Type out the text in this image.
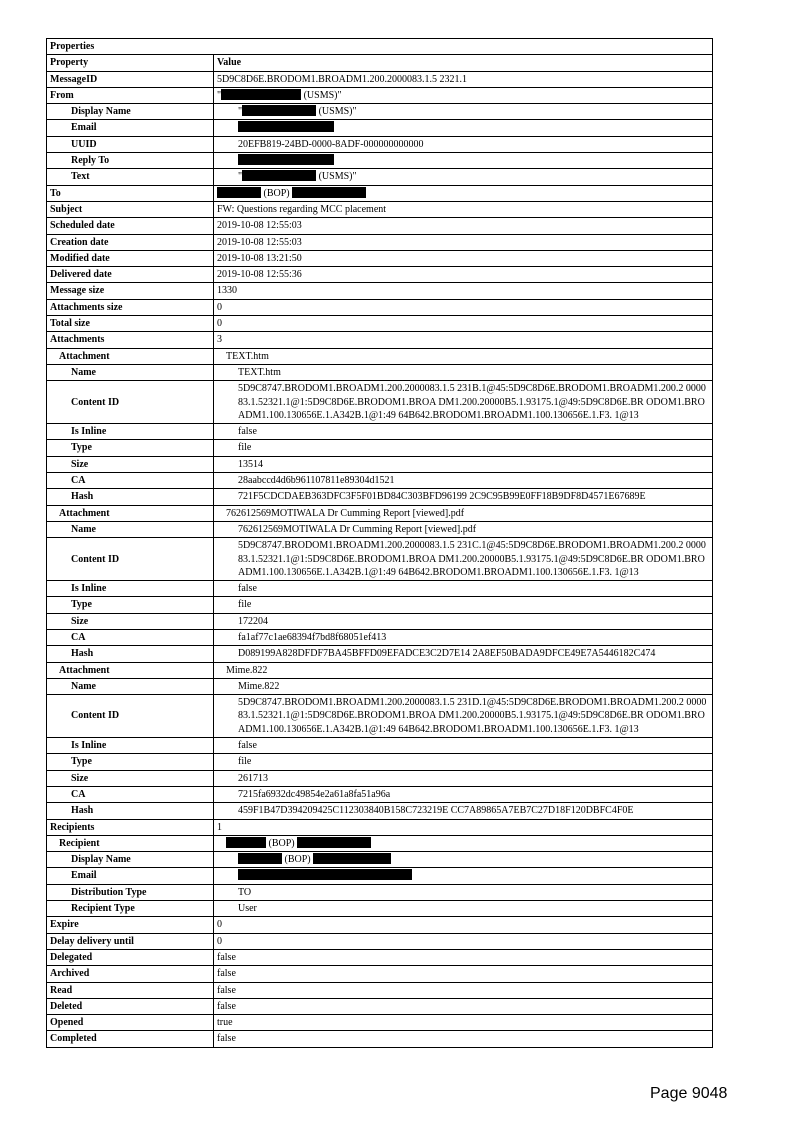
Properties	
Property	Value
MessageID	5D9C8D6E.BRODOM1.BROADM1.200.2000083.1.5 2321.1
From	" (USMS)"
Display Name	" (USMS)"
Email	
UUID	20EFB819-24BD-0000-8ADF-000000000000
Reply To	
Text	" (USMS)"
To	(BOP)
Subject	FW: Questions regarding MCC placement
Scheduled date	2019-10-08 12:55:03
Creation date	2019-10-08 12:55:03
Modified date	2019-10-08 13:21:50
Delivered date	2019-10-08 12:55:36
Message size	1330
Attachments size	0
Total size	0
Attachments	3
Attachment	TEXT.htm
Name	TEXT.htm
Content ID	5D9C8747.BRODOM1.BROADM1.200.2000083.1.5 231B.1@45:5D9C8D6E.BRODOM1.BROADM1.200.2 000083.1.52321.1@1:5D9C8D6E.BRODOM1.BROA DM1.200.20000B5.1.93175.1@49:5D9C8D6E.BR ODOM1.BROADM1.100.130656E.1.A342B.1@1:49 64B642.BRODOM1.BROADM1.100.130656E.1.F3. 1@13
Is Inline	false
Type	file
Size	13514
CA	28aabccd4d6b961107811e89304d1521
Hash	721F5CDCDAEB363DFC3F5F01BD84C303BFD96199 2C9C95B99E0FF18B9DF8D4571E67689E
Attachment	762612569MOTIWALA Dr Cumming Report [viewed].pdf
Name	762612569MOTIWALA Dr Cumming Report [viewed].pdf
Content ID	5D9C8747.BRODOM1.BROADM1.200.2000083.1.5 231C.1@45:5D9C8D6E.BRODOM1.BROADM1.200.2 000083.1.52321.1@1:5D9C8D6E.BRODOM1.BROA DM1.200.20000B5.1.93175.1@49:5D9C8D6E.BR ODOM1.BROADM1.100.130656E.1.A342B.1@1:49 64B642.BRODOM1.BROADM1.100.130656E.1.F3. 1@13
Is Inline	false
Type	file
Size	172204
CA	fa1af77c1ae68394f7bd8f68051ef413
Hash	D089199A828DFDF7BA45BFFD09EFADCE3C2D7E14 2A8EF50BADA9DFCE49E7A5446182C474
Attachment	Mime.822
Name	Mime.822
Content ID	5D9C8747.BRODOM1.BROADM1.200.2000083.1.5 231D.1@45:5D9C8D6E.BRODOM1.BROADM1.200.2 000083.1.52321.1@1:5D9C8D6E.BRODOM1.BROA DM1.200.20000B5.1.93175.1@49:5D9C8D6E.BR ODOM1.BROADM1.100.130656E.1.A342B.1@1:49 64B642.BRODOM1.BROADM1.100.130656E.1.F3. 1@13
Is Inline	false
Type	file
Size	261713
CA	7215fa6932dc49854e2a61a8fa51a96a
Hash	459F1B47D394209425C112303840B158C723219E CC7A89865A7EB7C27D18F120DBFC4F0E
Recipients	1
Recipient	(BOP)
Display Name	(BOP)
Email	
Distribution Type	TO
Recipient Type	User
Expire	0
Delay delivery until	0
Delegated	false
Archived	false
Read	false
Deleted	false
Opened	true
Completed	false
Page 9048
